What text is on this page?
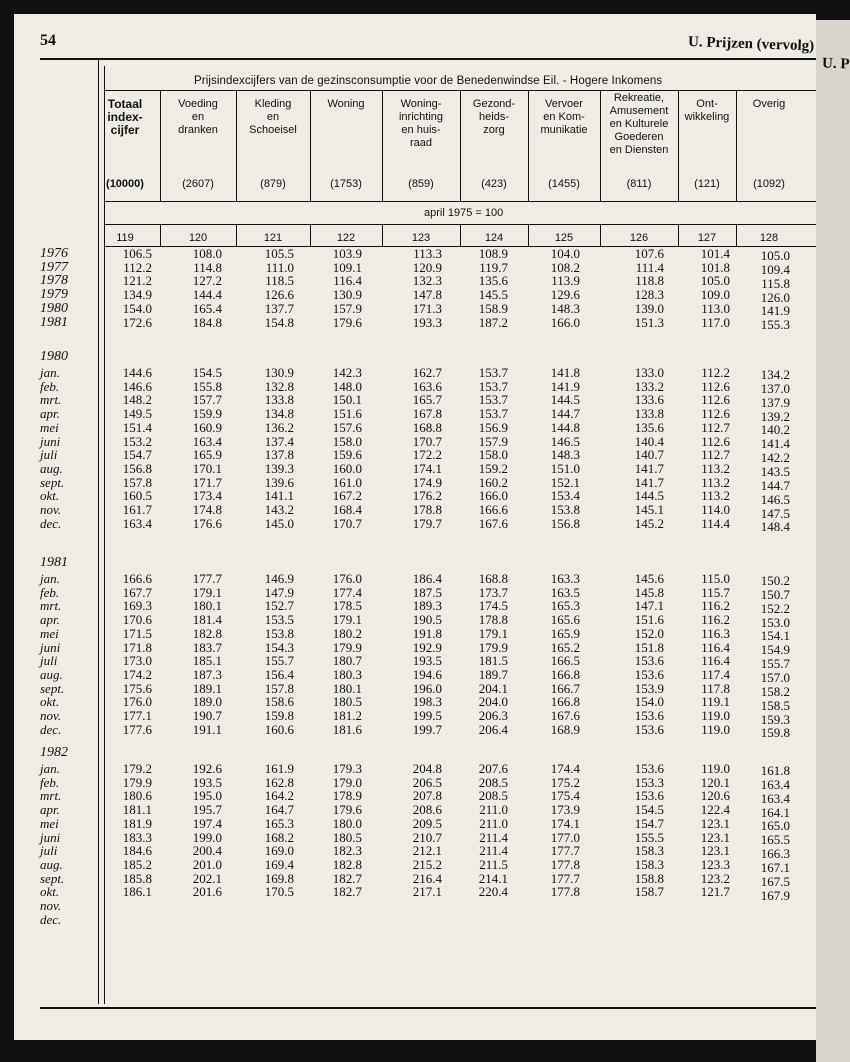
54	U. Prijzen (vervolg)
Prijsindexcijfers van de gezinsconsumptie voor de Benedenwindse Eil. - Hogere Inkomens
april 1975 = 100
Totaal
index-
cijfer
(10000)
119
Voeding
en
dranken
(2607)
120
Kleding
en
Schoeisel
(879)
121
Woning
(1753)
122
Woning-
inrichting
en huis-
raad
(859)
123
Gezond-
heids-
zorg
(423)
124
Vervoer
en Kom-
munikatie
(1455)
125
Rekreatie,
Amusement
en Kulturele
Goederen
en Diensten
(811)
126
Ont-
wikkeling
(121)
127
Overig
(1092)
128
1976	106.5	108.0	105.5	103.9	113.3	108.9	104.0	107.6	101.4	105.0
1977	112.2	114.8	111.0	109.1	120.9	119.7	108.2	111.4	101.8	109.4
1978	121.2	127.2	118.5	116.4	132.3	135.6	113.9	118.8	105.0	115.8
1979	134.9	144.4	126.6	130.9	147.8	145.5	129.6	128.3	109.0	126.0
1980	154.0	165.4	137.7	157.9	171.3	158.9	148.3	139.0	113.0	141.9
1981	172.6	184.8	154.8	179.6	193.3	187.2	166.0	151.3	117.0	155.3
1980
jan.	144.6	154.5	130.9	142.3	162.7	153.7	141.8	133.0	112.2	134.2
feb.	146.6	155.8	132.8	148.0	163.6	153.7	141.9	133.2	112.6	137.0
mrt.	148.2	157.7	133.8	150.1	165.7	153.7	144.5	133.6	112.6	137.9
apr.	149.5	159.9	134.8	151.6	167.8	153.7	144.7	133.8	112.6	139.2
mei	151.4	160.9	136.2	157.6	168.8	156.9	144.8	135.6	112.7	140.2
juni	153.2	163.4	137.4	158.0	170.7	157.9	146.5	140.4	112.6	141.4
juli	154.7	165.9	137.8	159.6	172.2	158.0	148.3	140.7	112.7	142.2
aug.	156.8	170.1	139.3	160.0	174.1	159.2	151.0	141.7	113.2	143.5
sept.	157.8	171.7	139.6	161.0	174.9	160.2	152.1	141.7	113.2	144.7
okt.	160.5	173.4	141.1	167.2	176.2	166.0	153.4	144.5	113.2	146.5
nov.	161.7	174.8	143.2	168.4	178.8	166.6	153.8	145.1	114.0	147.5
dec.	163.4	176.6	145.0	170.7	179.7	167.6	156.8	145.2	114.4	148.4
1981
jan.	166.6	177.7	146.9	176.0	186.4	168.8	163.3	145.6	115.0	150.2
feb.	167.7	179.1	147.9	177.4	187.5	173.7	163.5	145.8	115.7	150.7
mrt.	169.3	180.1	152.7	178.5	189.3	174.5	165.3	147.1	116.2	152.2
apr.	170.6	181.4	153.5	179.1	190.5	178.8	165.6	151.6	116.2	153.0
mei	171.5	182.8	153.8	180.2	191.8	179.1	165.9	152.0	116.3	154.1
juni	171.8	183.7	154.3	179.9	192.9	179.9	165.2	151.8	116.4	154.9
juli	173.0	185.1	155.7	180.7	193.5	181.5	166.5	153.6	116.4	155.7
aug.	174.2	187.3	156.4	180.3	194.6	189.7	166.8	153.6	117.4	157.0
sept.	175.6	189.1	157.8	180.1	196.0	204.1	166.7	153.9	117.8	158.2
okt.	176.0	189.0	158.6	180.5	198.3	204.0	166.8	154.0	119.1	158.5
nov.	177.1	190.7	159.8	181.2	199.5	206.3	167.6	153.6	119.0	159.3
dec.	177.6	191.1	160.6	181.6	199.7	206.4	168.9	153.6	119.0	159.8
1982
jan.	179.2	192.6	161.9	179.3	204.8	207.6	174.4	153.6	119.0	161.8
feb.	179.9	193.5	162.8	179.0	206.5	208.5	175.2	153.3	120.1	163.4
mrt.	180.6	195.0	164.2	178.9	207.8	208.5	175.4	153.6	120.6	163.4
apr.	181.1	195.7	164.7	179.6	208.6	211.0	173.9	154.5	122.4	164.1
mei	181.9	197.4	165.3	180.0	209.5	211.0	174.1	154.7	123.1	165.0
juni	183.3	199.0	168.2	180.5	210.7	211.4	177.0	155.5	123.1	165.5
juli	184.6	200.4	169.0	182.3	212.1	211.4	177.7	158.3	123.1	166.3
aug.	185.2	201.0	169.4	182.8	215.2	211.5	177.8	158.3	123.3	167.1
sept.	185.8	202.1	169.8	182.7	216.4	214.1	177.7	158.8	123.2	167.5
okt.	186.1	201.6	170.5	182.7	217.1	220.4	177.8	158.7	121.7	167.9
nov.
dec.
U. P
